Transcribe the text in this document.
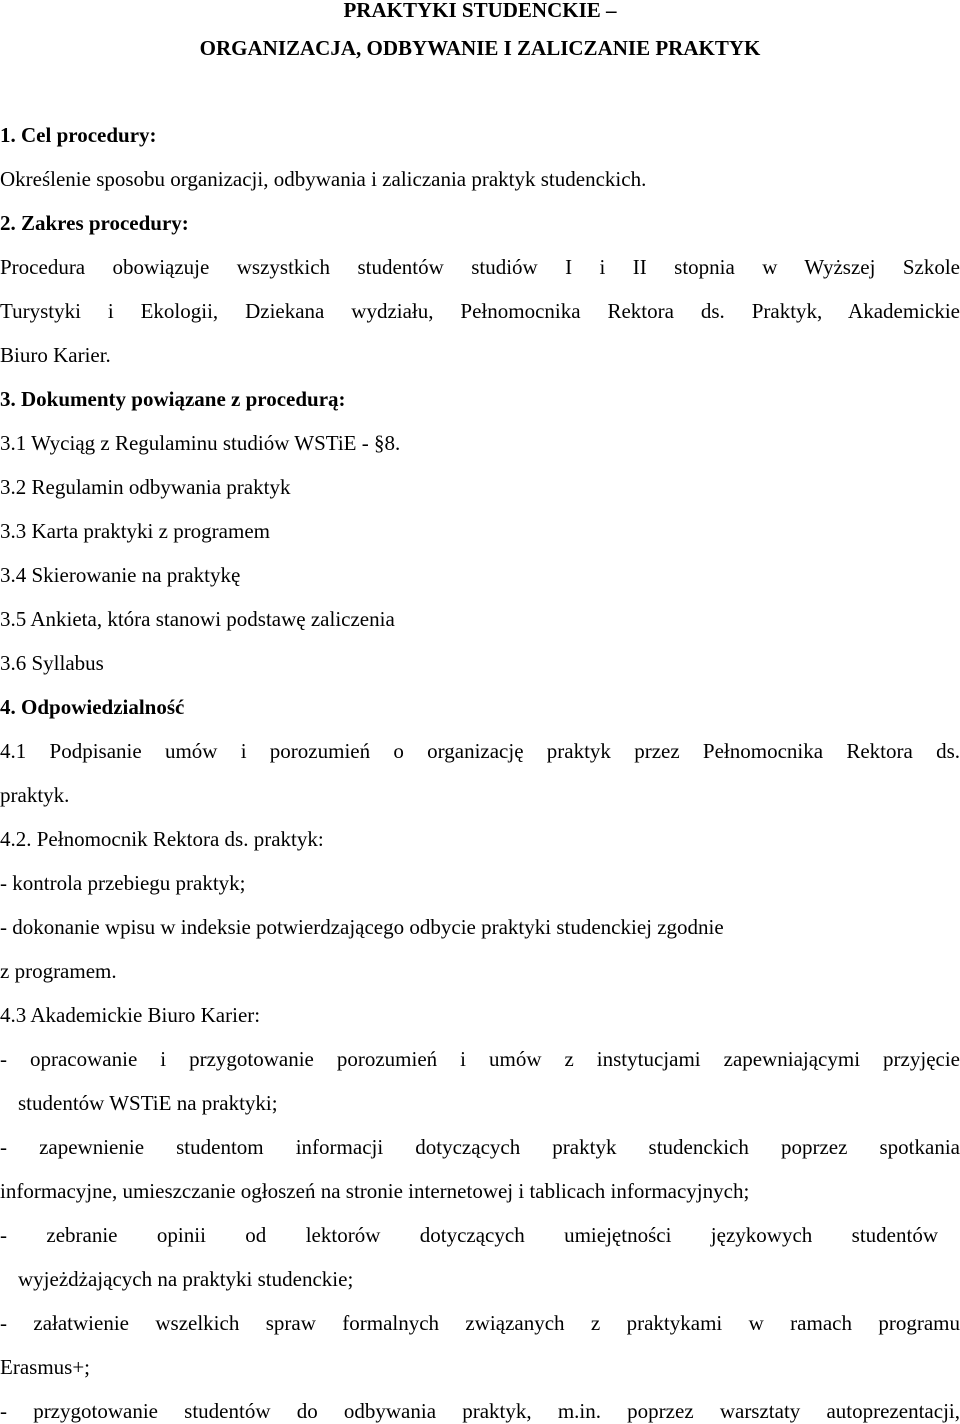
PRAKTYKI STUDENCKIE –
ORGANIZACJA, ODBYWANIE I ZALICZANIE PRAKTYK
1. Cel procedury:
Określenie sposobu organizacji, odbywania i zaliczania praktyk studenckich.
2. Zakres procedury:
Procedura obowiązuje wszystkich studentów studiów I i II stopnia w Wyższej Szkole
Turystyki i Ekologii, Dziekana wydziału, Pełnomocnika Rektora ds. Praktyk, Akademickie
Biuro Karier.
3. Dokumenty powiązane z procedurą:
3.1 Wyciąg z Regulaminu studiów WSTiE - §8.
3.2 Regulamin odbywania praktyk
3.3 Karta praktyki z programem
3.4 Skierowanie na praktykę
3.5 Ankieta, która stanowi podstawę zaliczenia
3.6 Syllabus
4. Odpowiedzialność
4.1 Podpisanie umów i porozumień o organizację praktyk przez Pełnomocnika Rektora ds.
praktyk.
4.2. Pełnomocnik Rektora ds. praktyk:
- kontrola przebiegu praktyk;
- dokonanie wpisu w indeksie potwierdzającego odbycie praktyki studenckiej zgodnie
z programem.
4.3 Akademickie Biuro Karier:
- opracowanie i przygotowanie porozumień i umów z instytucjami zapewniającymi przyjęcie
studentów WSTiE na praktyki;
- zapewnienie studentom informacji dotyczących praktyk studenckich poprzez spotkania
informacyjne, umieszczanie ogłoszeń na stronie internetowej i tablicach informacyjnych;
- zebranie opinii od lektorów dotyczących umiejętności językowych studentów
wyjeżdżających na praktyki studenckie;
- załatwienie wszelkich spraw formalnych związanych z praktykami w ramach programu
Erasmus+;
- przygotowanie studentów do odbywania praktyk, m.in. poprzez warsztaty autoprezentacji,
